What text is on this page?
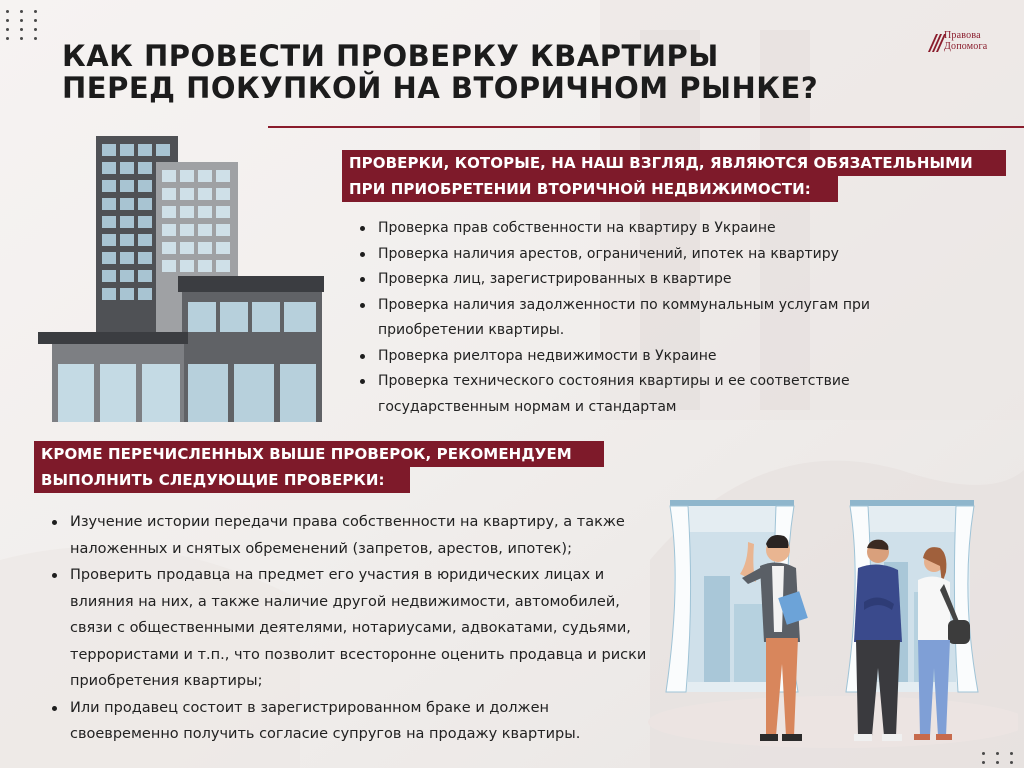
КАК ПРОВЕСТИ ПРОВЕРКУ КВАРТИРЫ
ПЕРЕД ПОКУПКОЙ НА ВТОРИЧНОМ РЫНКЕ?
Правова
Допомога
ПРОВЕРКИ, КОТОРЫЕ, НА НАШ ВЗГЛЯД, ЯВЛЯЮТСЯ ОБЯЗАТЕЛЬНЫМИ
ПРИ ПРИОБРЕТЕНИИ ВТОРИЧНОЙ НЕДВИЖИМОСТИ:
Проверка прав собственности на квартиру в Украине
Проверка наличия арестов, ограничений, ипотек на квартиру
Проверка лиц, зарегистрированных в квартире
Проверка наличия задолженности по коммунальным услугам при приобретении квартиры.
Проверка риелтора недвижимости в Украине
Проверка технического состояния квартиры и ее соответствие государственным нормам и стандартам
КРОМЕ ПЕРЕЧИСЛЕННЫХ ВЫШЕ ПРОВЕРОК, РЕКОМЕНДУЕМ
ВЫПОЛНИТЬ СЛЕДУЮЩИЕ ПРОВЕРКИ:
Изучение истории передачи права собственности на квартиру, а также наложенных и снятых обременений (запретов, арестов, ипотек);
Проверить продавца на предмет его участия в юридических лицах и влияния на них, а также наличие другой недвижимости, автомобилей, связи с общественными деятелями, нотариусами, адвокатами, судьями, террористами и т.п., что позволит всесторонне оценить продавца и риски приобретения квартиры;
Или продавец состоит в зарегистрированном браке и должен своевременно получить согласие супругов на продажу квартиры.
